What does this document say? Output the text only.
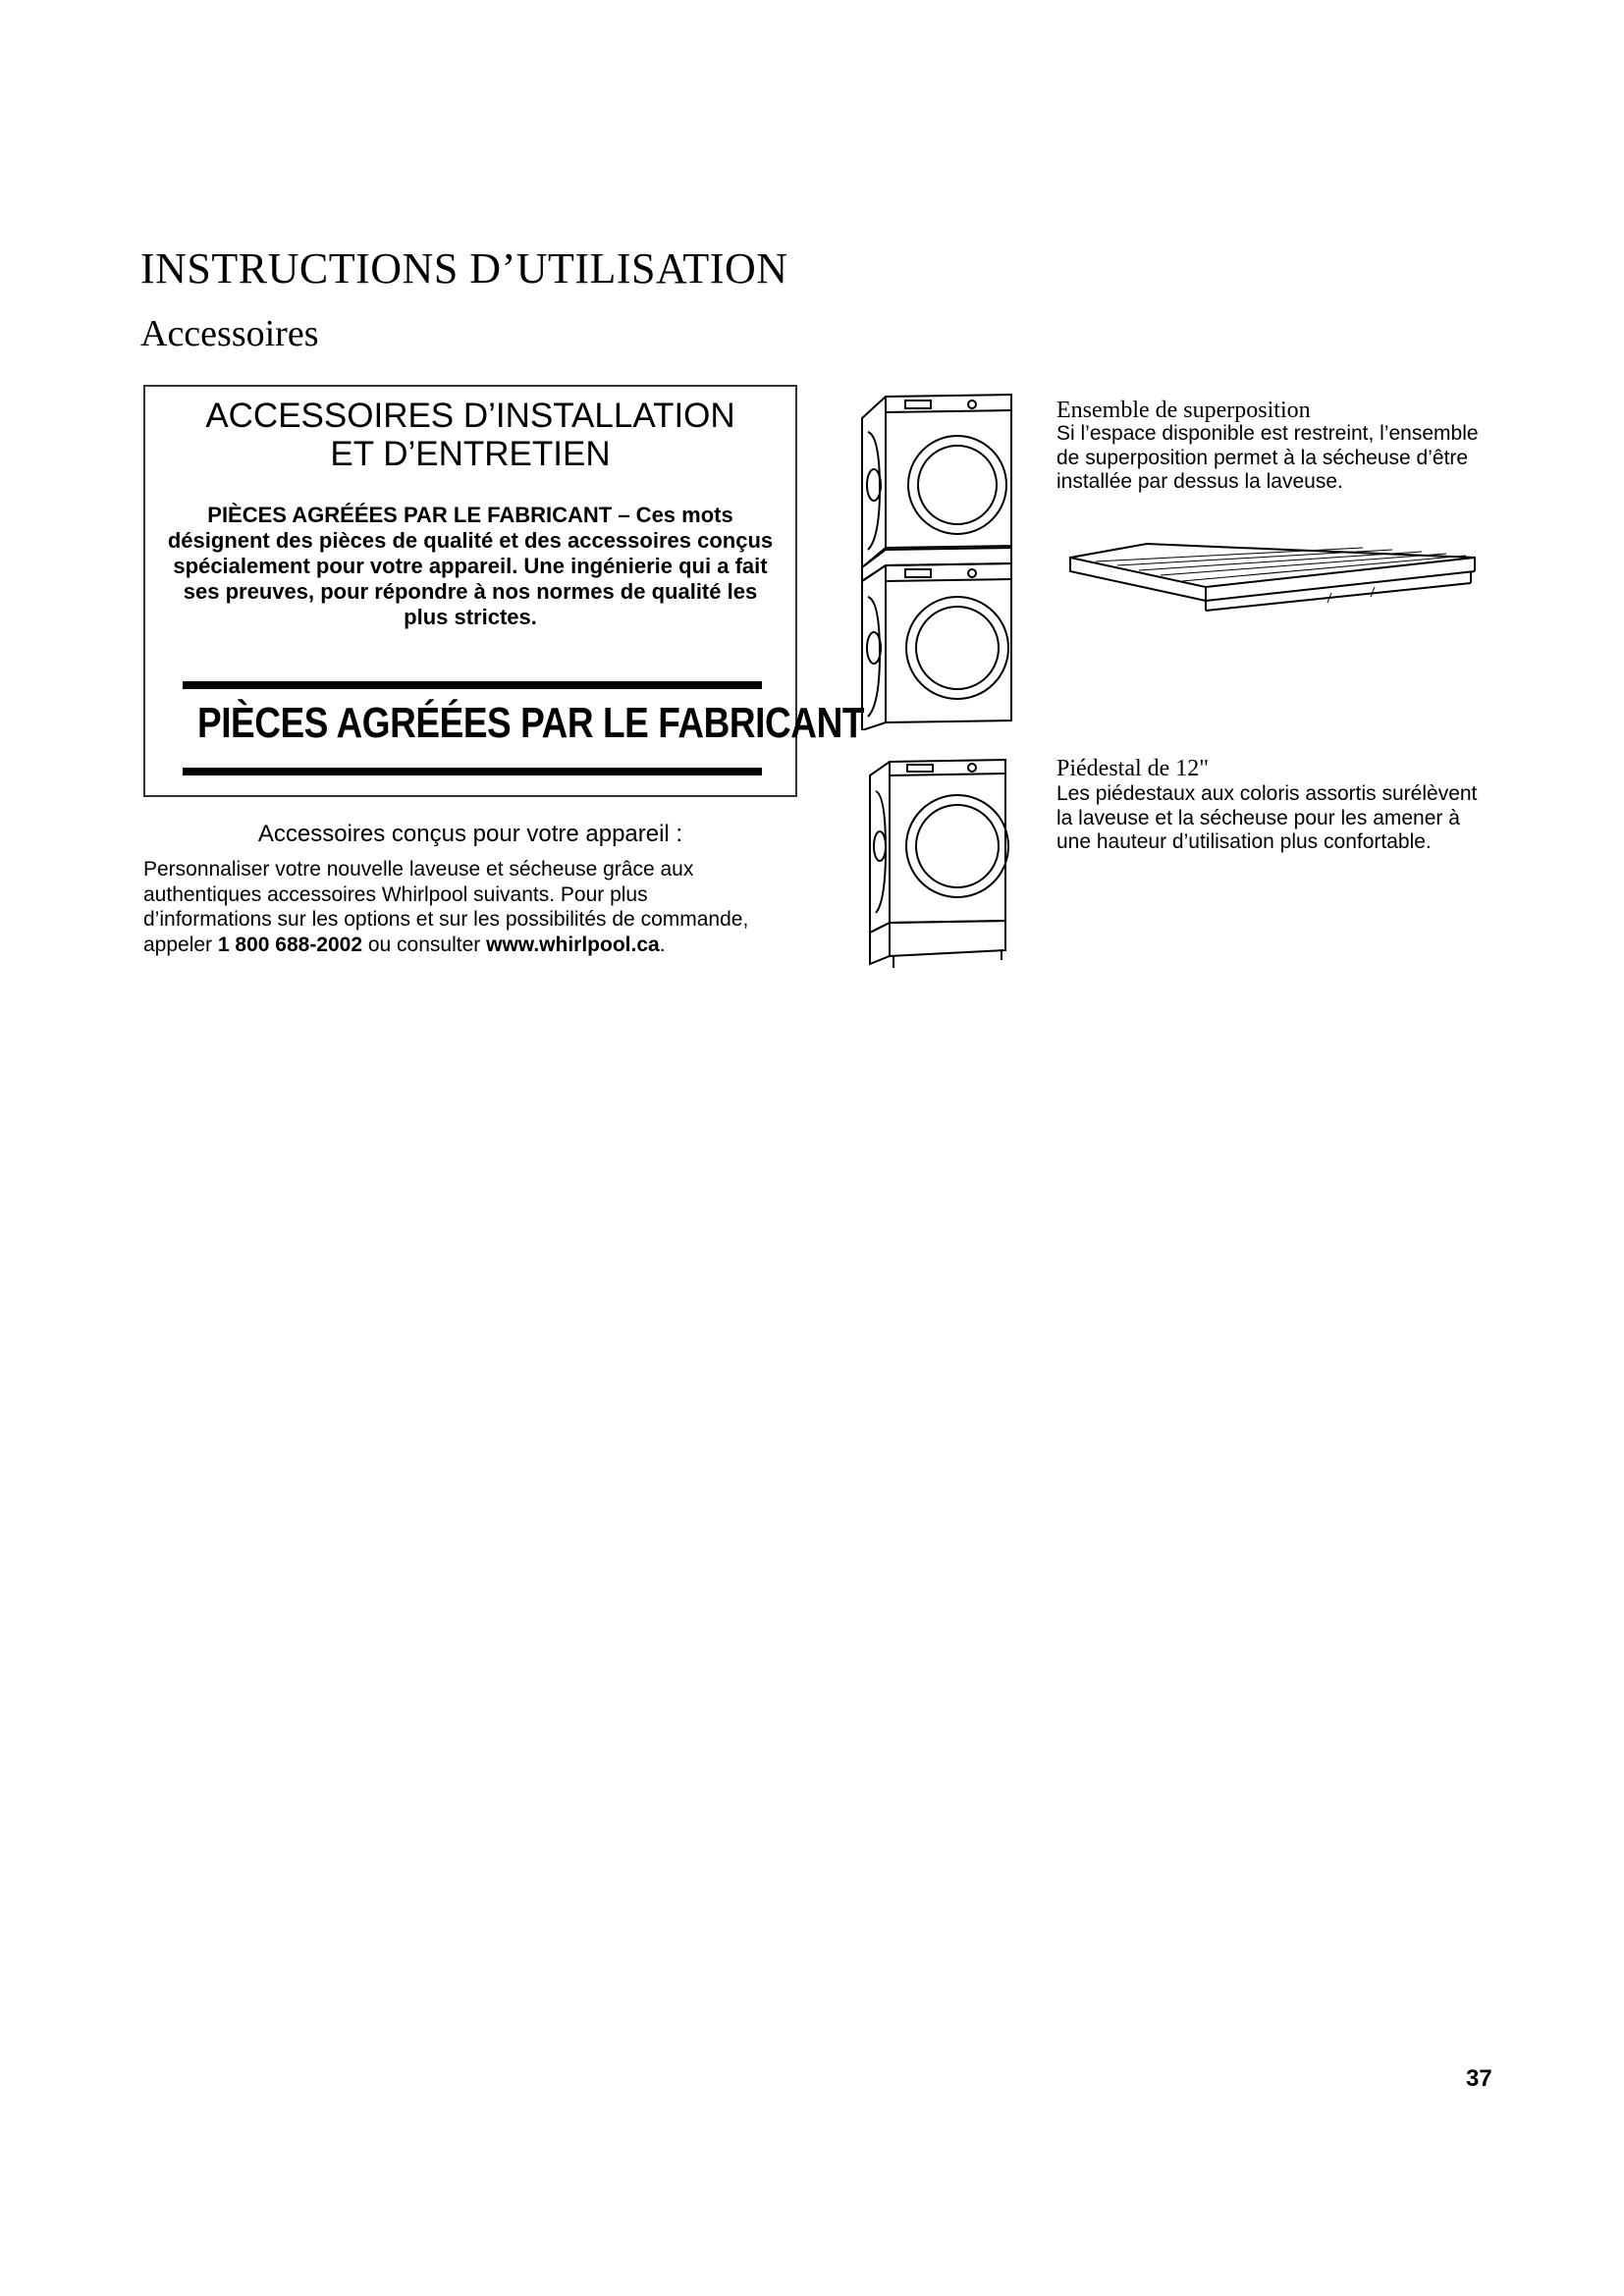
INSTRUCTIONS D’UTILISATION
Accessoires
ACCESSOIRES D’INSTALLATION
ET D’ENTRETIEN
PIÈCES AGRÉÉES PAR LE FABRICANT – Ces mots désignent des pièces de qualité et des accessoires conçus spécialement pour votre appareil. Une ingénierie qui a fait ses preuves, pour répondre à nos normes de qualité les plus strictes.
PIÈCES AGRÉÉES PAR LE FABRICANT
Accessoires conçus pour votre appareil :
Personnaliser votre nouvelle laveuse et sécheuse grâce aux authentiques accessoires Whirlpool suivants. Pour plus d’informations sur les options et sur les possibilités de commande, appeler 1 800 688-2002 ou consulter www.whirlpool.ca.
Ensemble de superposition
Si l’espace disponible est restreint, l’ensemble de superposition permet à la sécheuse d’être installée par dessus la laveuse.
Piédestal de 12"
Les piédestaux aux coloris assortis surélèvent la laveuse et la sécheuse pour les amener à une hauteur d’utilisation plus confortable.
37
